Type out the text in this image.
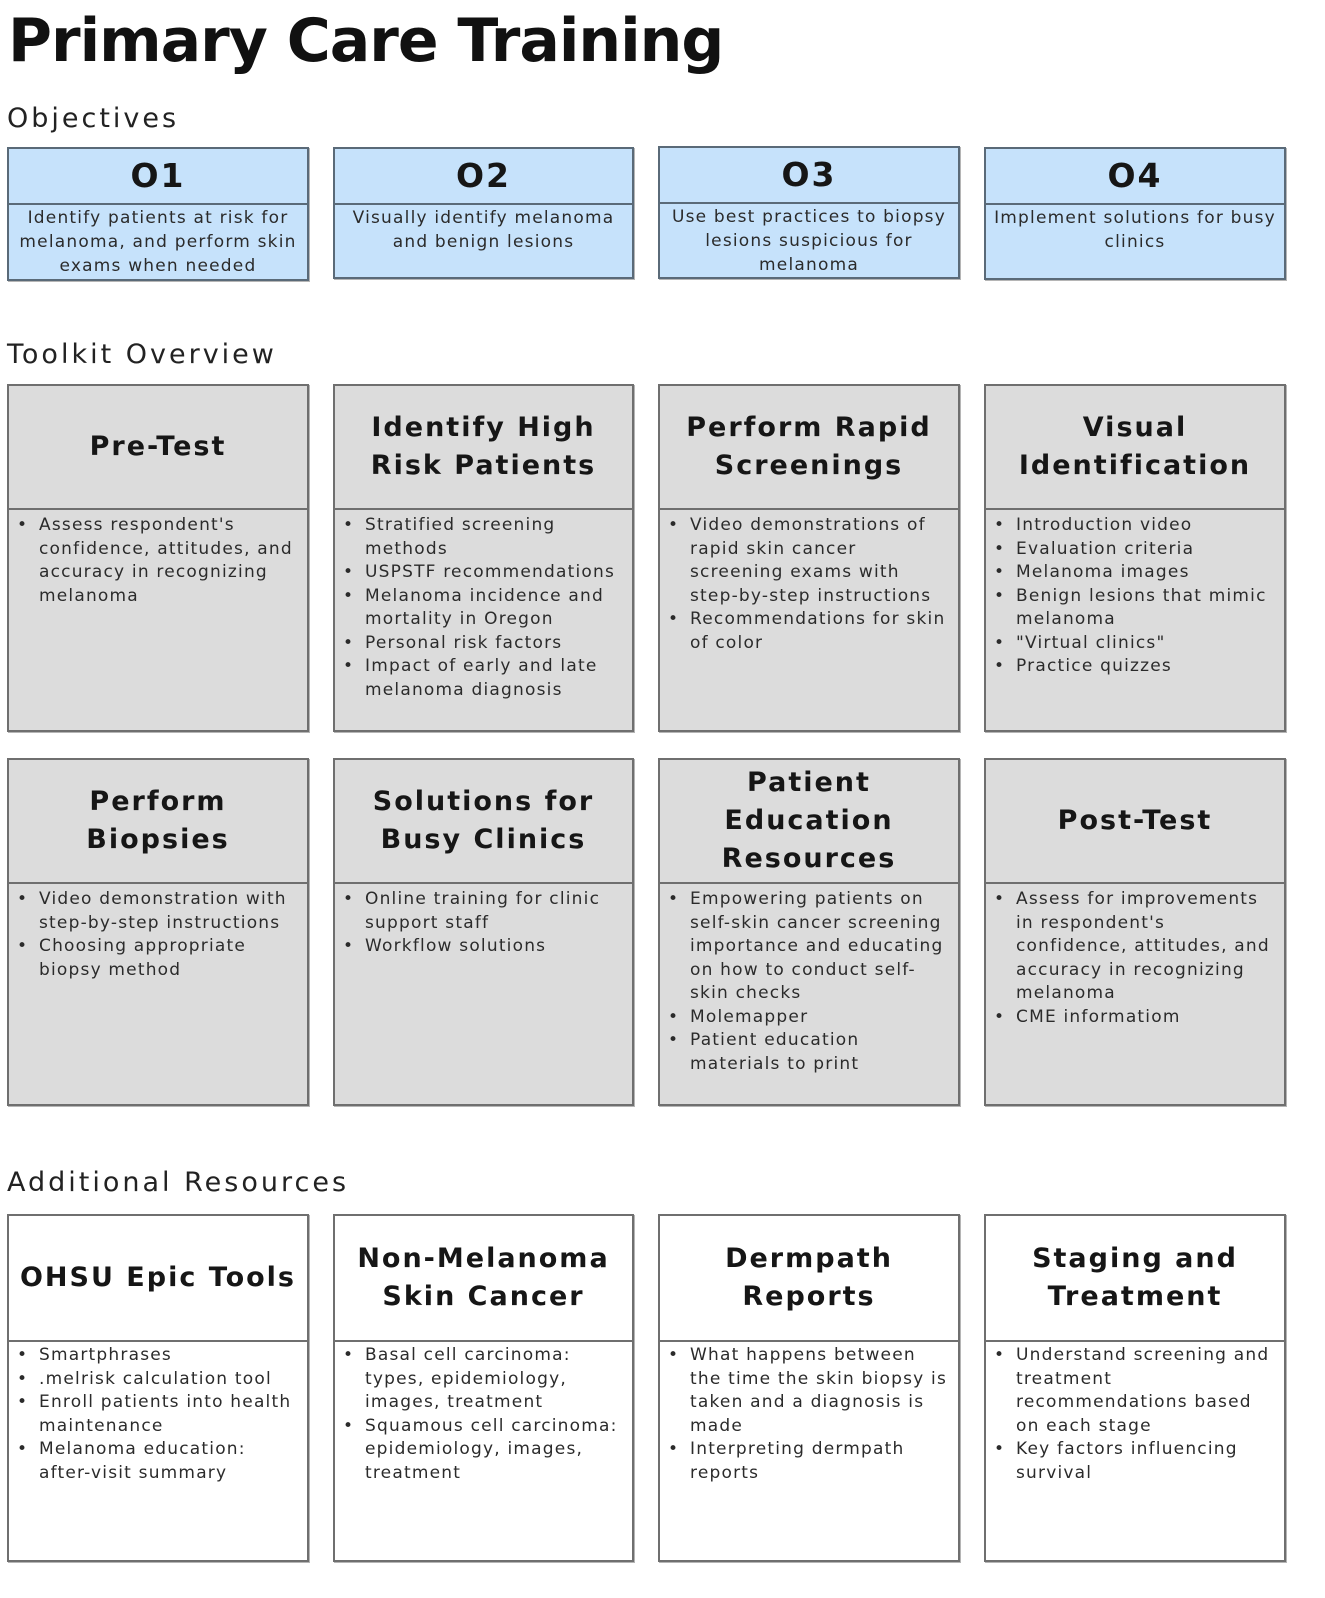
Primary Care Training
Objectives
O1
Identify patients at risk for melanoma, and perform skin exams when needed
O2
Visually identify melanoma and benign lesions
O3
Use best practices to biopsy lesions suspicious for melanoma
O4
Implement solutions for busy clinics
Toolkit Overview
Pre-Test
• Assess respondent's confidence, attitudes, and accuracy in recognizing melanoma
Identify High Risk Patients
• Stratified screening methods
• USPSTF recommendations
• Melanoma incidence and mortality in Oregon
• Personal risk factors
• Impact of early and late melanoma diagnosis
Perform Rapid Screenings
• Video demonstrations of rapid skin cancer screening exams with step-by-step instructions
• Recommendations for skin of color
Visual Identification
• Introduction video
• Evaluation criteria
• Melanoma images
• Benign lesions that mimic melanoma
• "Virtual clinics"
• Practice quizzes
Perform Biopsies
• Video demonstration with step-by-step instructions
• Choosing appropriate biopsy method
Solutions for Busy Clinics
• Online training for clinic support staff
• Workflow solutions
Patient Education Resources
• Empowering patients on self-skin cancer screening importance and educating on how to conduct self-skin checks
• Molemapper
• Patient education materials to print
Post-Test
• Assess for improvements in respondent's confidence, attitudes, and accuracy in recognizing melanoma
• CME informatiom
Additional Resources
OHSU Epic Tools
• Smartphrases
• .melrisk calculation tool
• Enroll patients into health maintenance
• Melanoma education: after-visit summary
Non-Melanoma Skin Cancer
• Basal cell carcinoma: types, epidemiology, images, treatment
• Squamous cell carcinoma: epidemiology, images, treatment
Dermpath Reports
• What happens between the time the skin biopsy is taken and a diagnosis is made
• Interpreting dermpath reports
Staging and Treatment
• Understand screening and treatment recommendations based on each stage
• Key factors influencing survival
